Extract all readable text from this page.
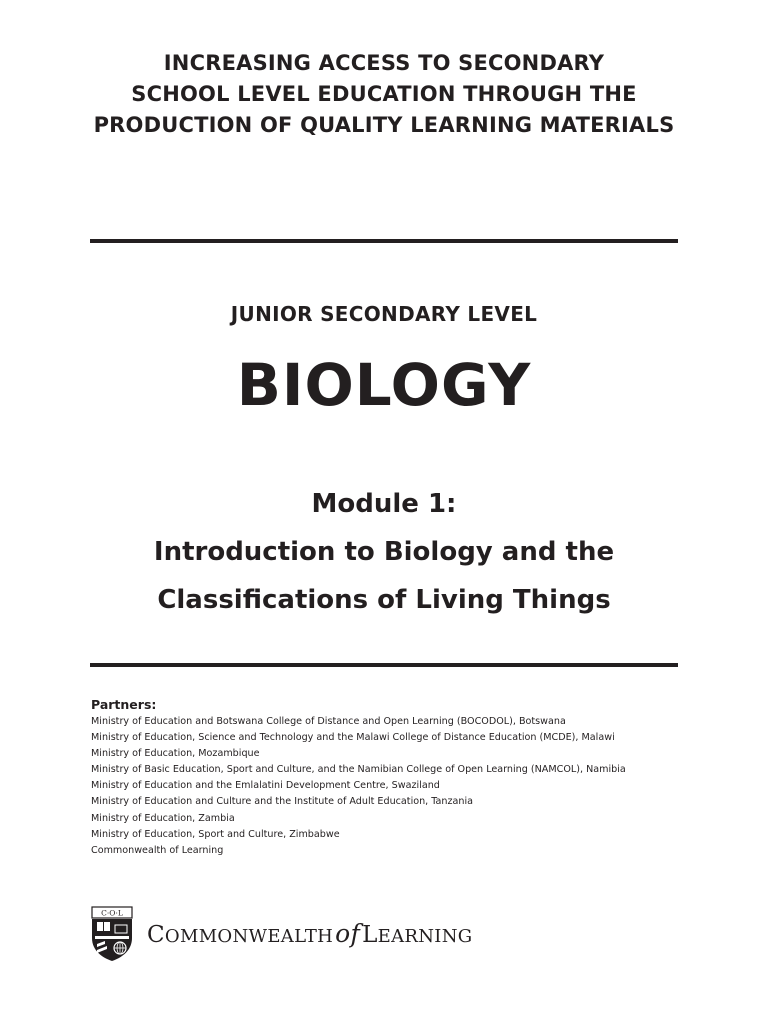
INCREASING ACCESS TO SECONDARY
SCHOOL LEVEL EDUCATION THROUGH THE
PRODUCTION OF QUALITY LEARNING MATERIALS
JUNIOR SECONDARY LEVEL
BIOLOGY
Module 1:
Introduction to Biology and the
Classifications of Living Things
Partners:
Ministry of Education and Botswana College of Distance and Open Learning (BOCODOL), Botswana
Ministry of Education, Science and Technology and the Malawi College of Distance Education (MCDE), Malawi
Ministry of Education, Mozambique
Ministry of Basic Education, Sport and Culture, and the Namibian College of Open Learning (NAMCOL), Namibia
Ministry of Education and the Emlalatini Development Centre, Swaziland
Ministry of Education and Culture and the Institute of Adult Education, Tanzania
Ministry of Education, Zambia
Ministry of Education, Sport and Culture, Zimbabwe
Commonwealth of Learning
C·O·L
COMMONWEALTHofLEARNING
